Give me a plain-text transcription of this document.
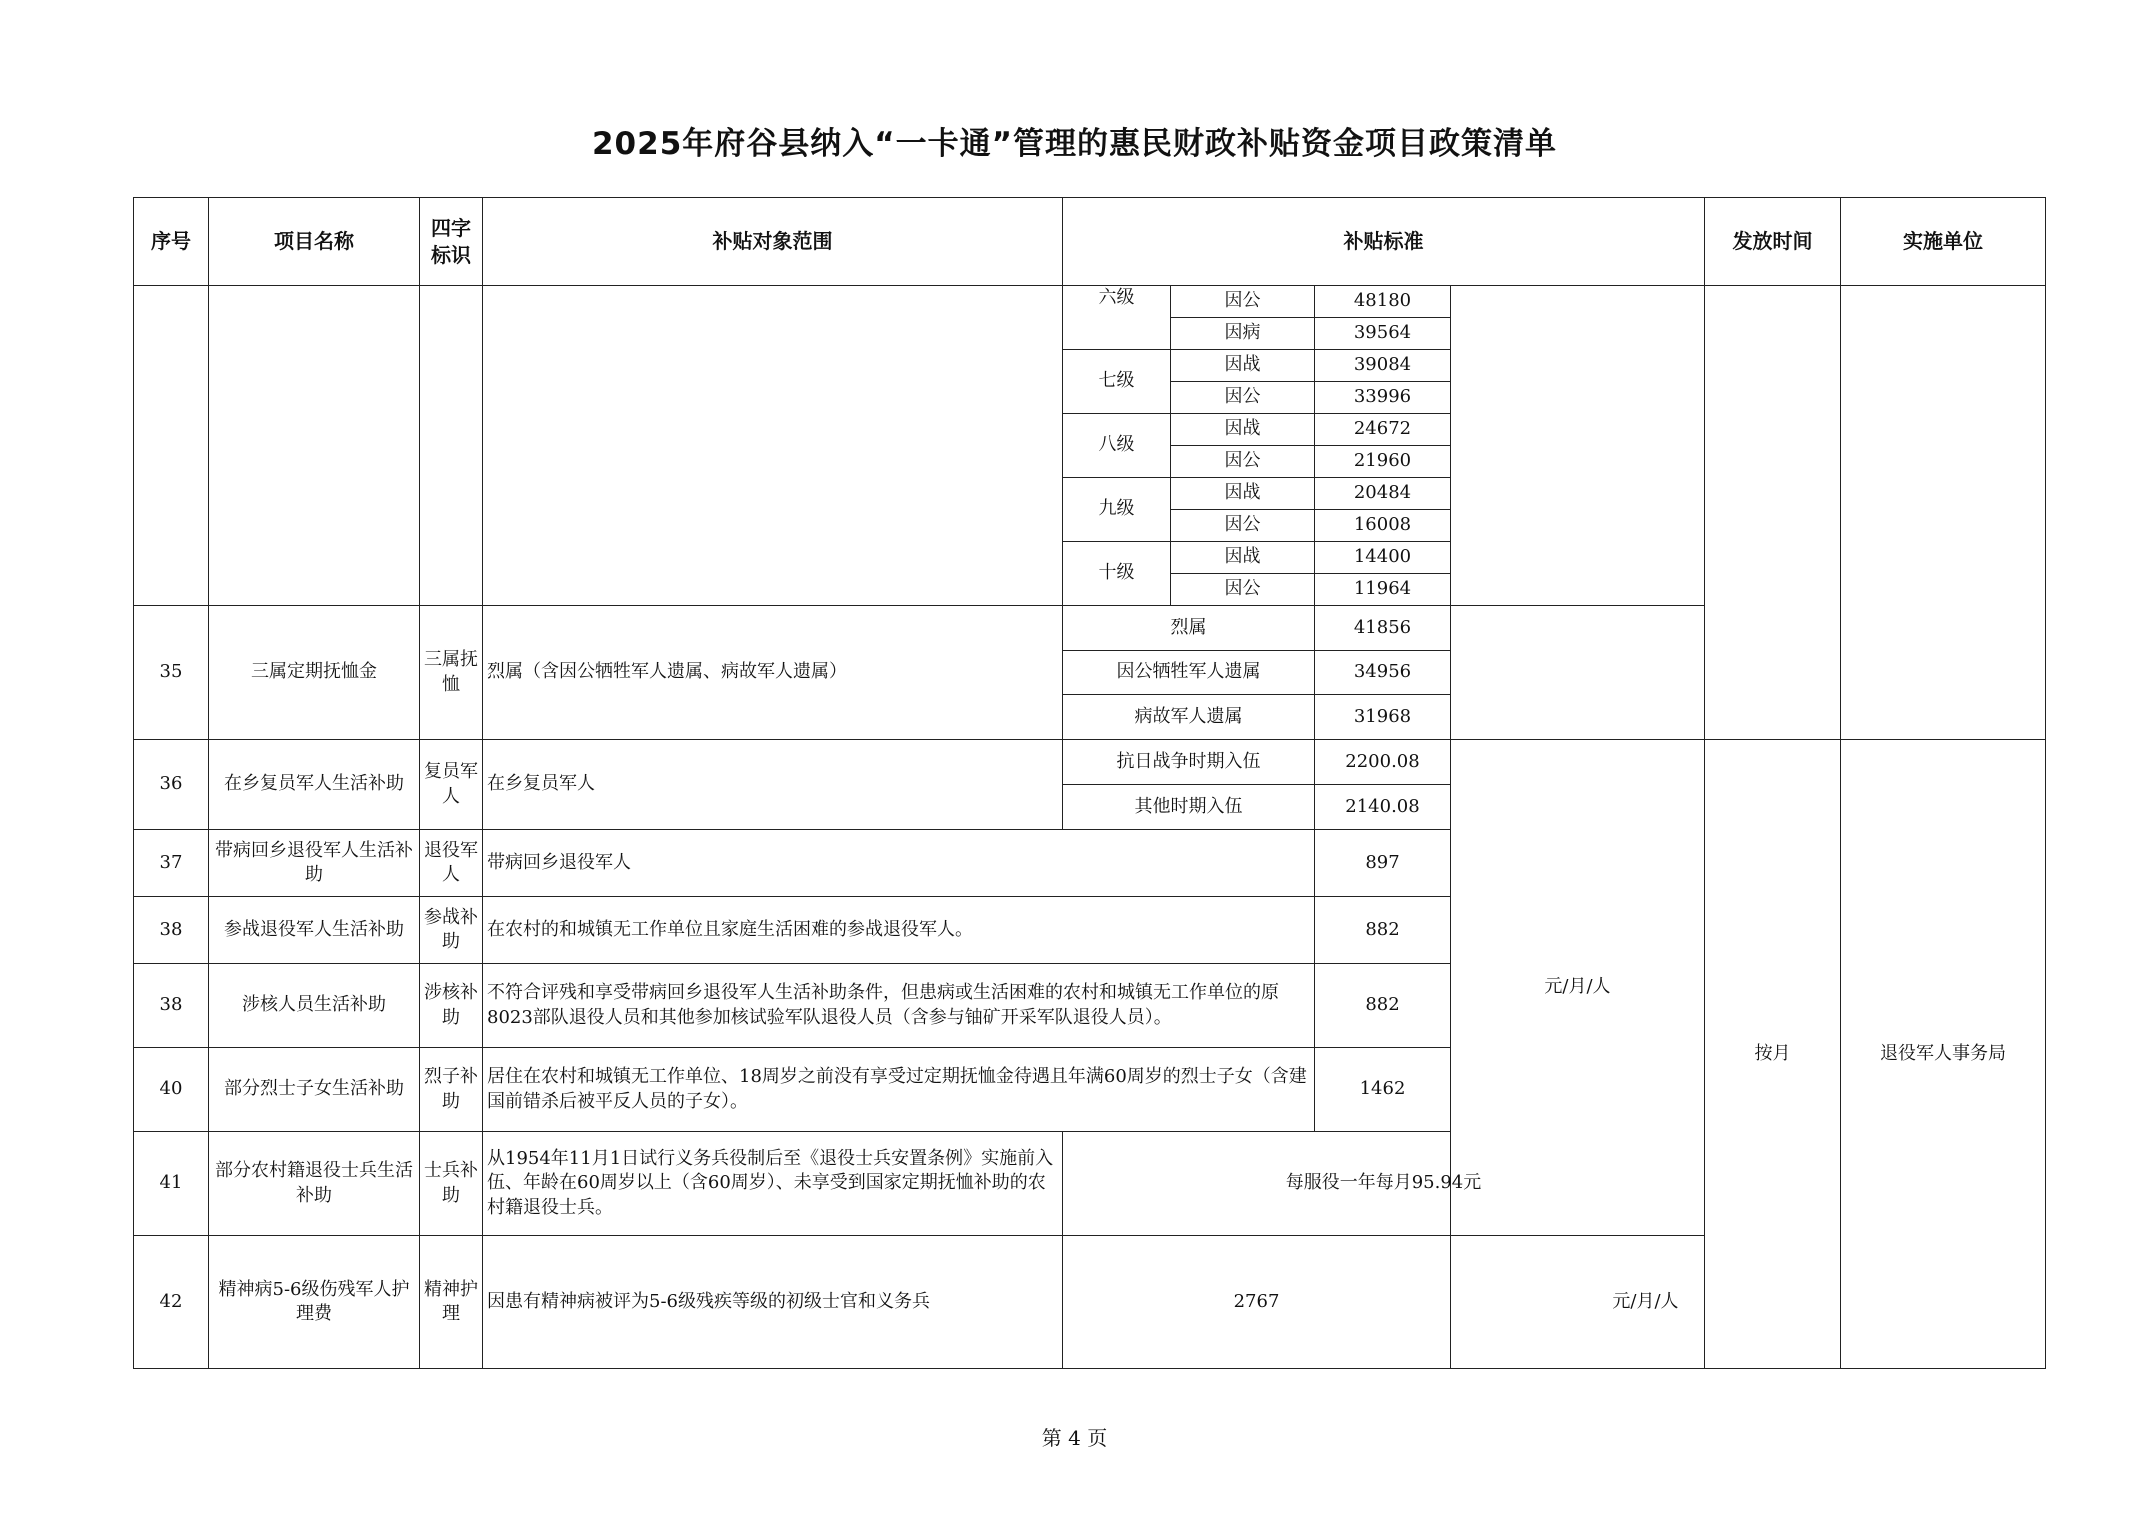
2025年府谷县纳入“一卡通”管理的惠民财政补贴资金项目政策清单
序号	项目名称	四字标识	补贴对象范围	补贴标准				发放时间	实施单位
				六级	因公	48180			
					因病	39564			
				七级	因战	39084			
					因公	33996			
				八级	因战	24672			
					因公	21960			
				九级	因战	20484			
					因公	16008			
				十级	因战	14400			
					因公	11964			
35	三属定期抚恤金	三属抚恤	烈属（含因公牺牲军人遗属、病故军人遗属）	烈属		41856			
				因公牺牲军人遗属		34956			
				病故军人遗属		31968			
36	在乡复员军人生活补助	复员军人	在乡复员军人	抗日战争时期入伍		2200.08	元/月/人	按月	退役军人事务局
				其他时期入伍		2140.08			
37	带病回乡退役军人生活补助	退役军人	带病回乡退役军人			897			
38	参战退役军人生活补助	参战补助	在农村的和城镇无工作单位且家庭生活困难的参战退役军人。			882			
38	涉核人员生活补助	涉核补助	不符合评残和享受带病回乡退役军人生活补助条件，但患病或生活困难的农村和城镇无工作单位的原8023部队退役人员和其他参加核试验军队退役人员（含参与铀矿开采军队退役人员）。			882			
40	部分烈士子女生活补助	烈子补助	居住在农村和城镇无工作单位、18周岁之前没有享受过定期抚恤金待遇且年满60周岁的烈士子女（含建国前错杀后被平反人员的子女）。			1462			
41	部分农村籍退役士兵生活补助	士兵补助	从1954年11月1日试行义务兵役制后至《退役士兵安置条例》实施前入伍、年龄在60周岁以上（含60周岁）、未享受到国家定期抚恤补助的农村籍退役士兵。	每服役一年每月95.94元					
42	精神病5-6级伤残军人护理费	精神护理	因患有精神病被评为5-6级残疾等级的初级士官和义务兵	2767			元/月/人		
第 4 页
